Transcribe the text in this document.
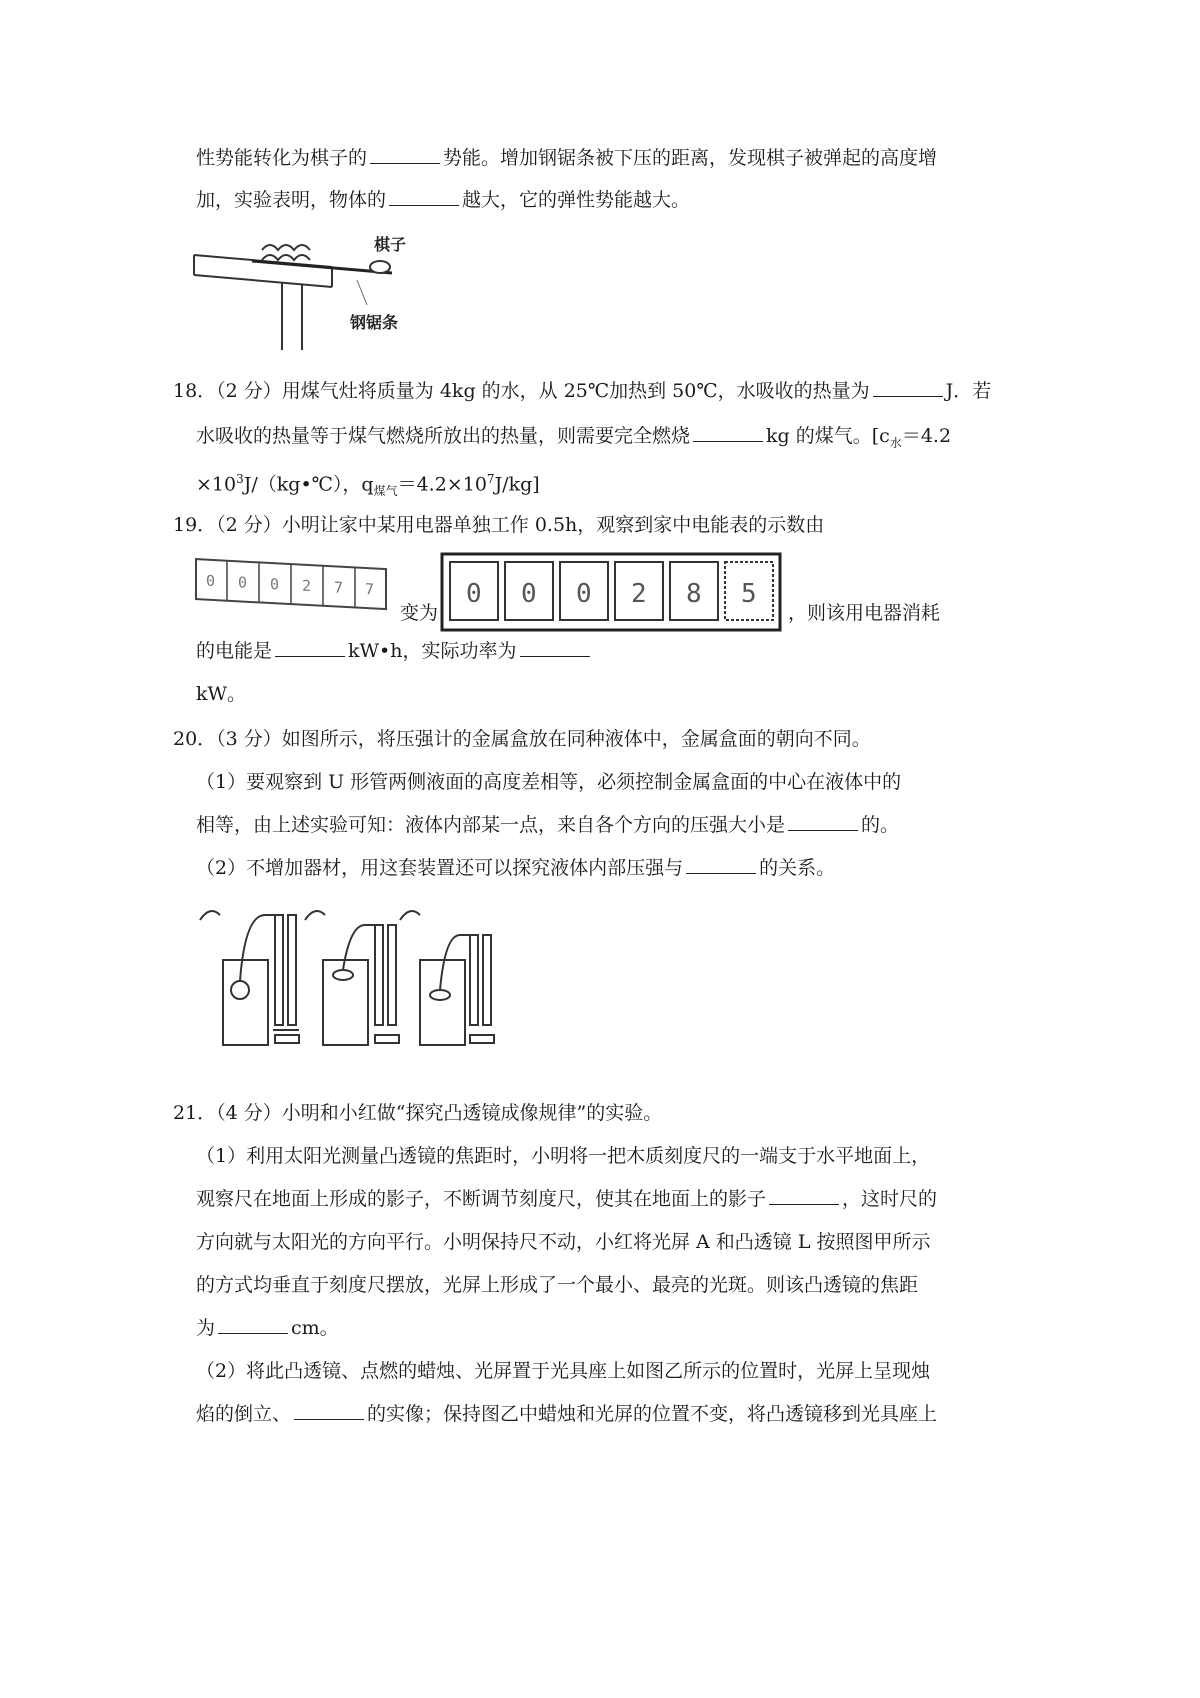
性势能转化为棋子的	势能。增加钢锯条被下压的距离，发现棋子被弹起的高度增
加，实验表明，物体的	越大，它的弹性势能越大。
棋子
钢锯条
18．（2 分）用煤气灶将质量为 4kg 的水，从 25℃加热到 50℃，水吸收的热量为	J．若
水吸收的热量等于煤气燃烧所放出的热量，则需要完全燃烧	kg 的煤气。[$c_水=4.2$
$\times 10^3J/(kg•℃)$，$q_{煤气}=4.2\times 10^7J/kg$]
19．（2 分）小明让家中某用电器单独工作 0.5h，观察到家中电能表的示数由
0 0 0 2 7 7
变为
0 0 0 2 8 5
，则该用电器消耗
的电能是	kW•h，实际功率为
kW。
20．（3 分）如图所示，将压强计的金属盒放在同种液体中，金属盒面的朝向不同。
（1）要观察到 U 形管两侧液面的高度差相等，必须控制金属盒面的中心在液体中的
相等，由上述实验可知：液体内部某一点，来自各个方向的压强大小是	的。
（2）不增加器材，用这套装置还可以探究液体内部压强与	的关系。
21．（4 分）小明和小红做“探究凸透镜成像规律”的实验。
（1）利用太阳光测量凸透镜的焦距时，小明将一把木质刻度尺的一端支于水平地面上，
观察尺在地面上形成的影子，不断调节刻度尺，使其在地面上的影子	，这时尺的
方向就与太阳光的方向平行。小明保持尺不动，小红将光屏 A 和凸透镜 L 按照图甲所示
的方式均垂直于刻度尺摆放，光屏上形成了一个最小、最亮的光斑。则该凸透镜的焦距
为	cm。
（2）将此凸透镜、点燃的蜡烛、光屏置于光具座上如图乙所示的位置时，光屏上呈现烛
焰的倒立、	的实像；保持图乙中蜡烛和光屏的位置不变，将凸透镜移到光具座上
